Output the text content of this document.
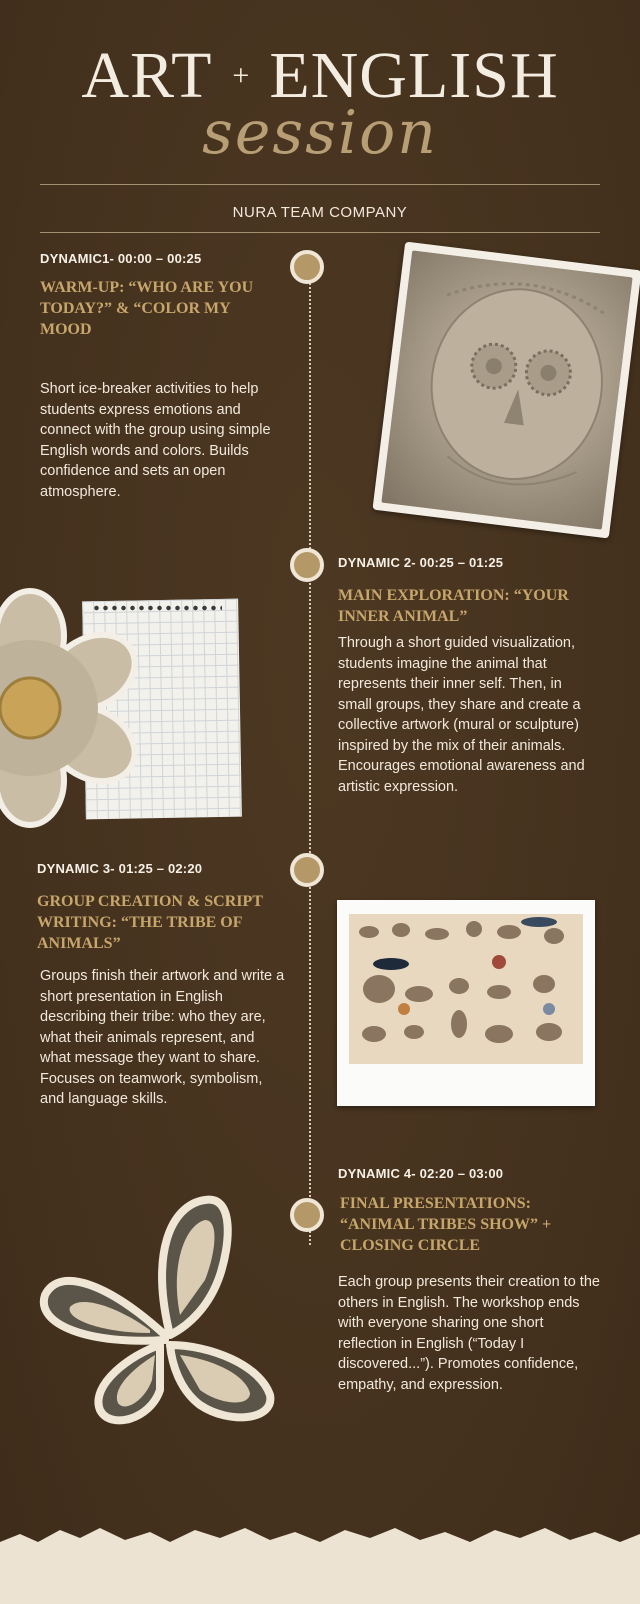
ART + ENGLISH
session
NURA TEAM COMPANY
DYNAMIC1- 00:00 – 00:25
WARM-UP: “WHO ARE YOU TODAY?” & “COLOR MY MOOD
Short ice-breaker activities to help students express emotions and connect with the group using simple English words and colors. Builds confidence and sets an open atmosphere.
DYNAMIC 2- 00:25 – 01:25
MAIN EXPLORATION: “YOUR INNER ANIMAL”
Through a short guided visualization, students imagine the animal that represents their inner self. Then, in small groups, they share and create a collective artwork (mural or sculpture) inspired by the mix of their animals. Encourages emotional awareness and artistic expression.
DYNAMIC 3- 01:25 – 02:20
GROUP CREATION & SCRIPT WRITING: “THE TRIBE OF ANIMALS”
Groups finish their artwork and write a short presentation in English describing their tribe: who they are, what their animals represent, and what message they want to share. Focuses on teamwork, symbolism, and language skills.
DYNAMIC 4- 02:20 – 03:00
FINAL PRESENTATIONS: “ANIMAL TRIBES SHOW” + CLOSING CIRCLE
Each group presents their creation to the others in English. The workshop ends with everyone sharing one short reflection in English (“Today I discovered...”). Promotes confidence, empathy, and expression.
